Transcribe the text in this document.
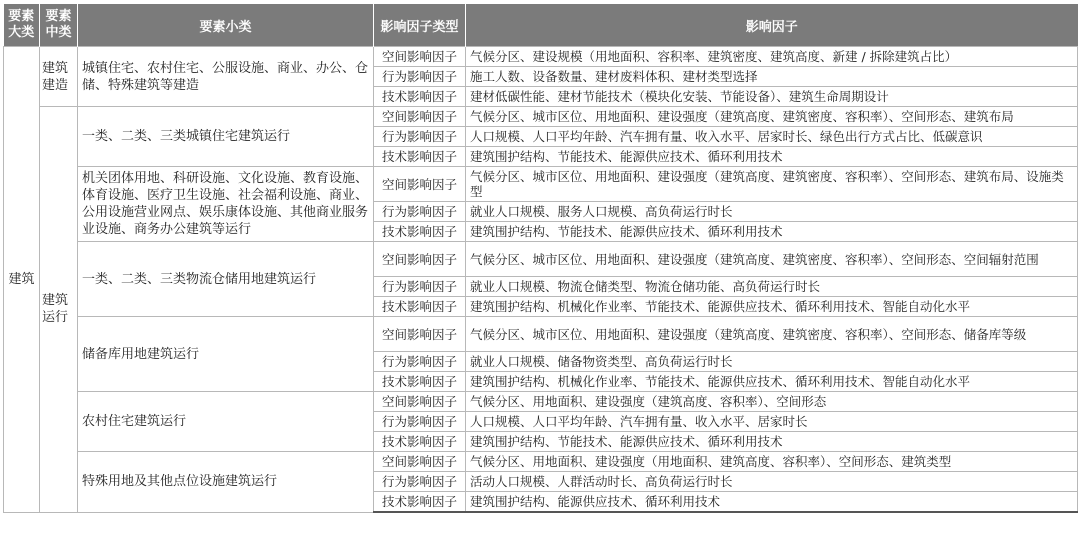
要素大类	要素中类	要素小类	影响因子类型	影响因子
建筑	建筑建造	城镇住宅、农村住宅、公服设施、商业、办公、仓储、特殊建筑等建造	空间影响因子	气候分区、建设规模（用地面积、容积率、建筑密度、建筑高度、新建 / 拆除建筑占比）
			行为影响因子	施工人数、设备数量、建材废料体积、建材类型选择
			技术影响因子	建材低碳性能、建材节能技术（模块化安装、节能设备）、建筑生命周期设计
	建筑运行	一类、二类、三类城镇住宅建筑运行	空间影响因子	气候分区、城市区位、用地面积、建设强度（建筑高度、建筑密度、容积率）、空间形态、建筑布局
			行为影响因子	人口规模、人口平均年龄、汽车拥有量、收入水平、居家时长、绿色出行方式占比、低碳意识
			技术影响因子	建筑围护结构、节能技术、能源供应技术、循环利用技术
		机关团体用地、科研设施、文化设施、教育设施、体育设施、医疗卫生设施、社会福利设施、商业、公用设施营业网点、娱乐康体设施、其他商业服务业设施、商务办公建筑等运行	空间影响因子	气候分区、城市区位、用地面积、建设强度（建筑高度、建筑密度、容积率）、空间形态、建筑布局、设施类型
			行为影响因子	就业人口规模、服务人口规模、高负荷运行时长
			技术影响因子	建筑围护结构、节能技术、能源供应技术、循环利用技术
		一类、二类、三类物流仓储用地建筑运行	空间影响因子	气候分区、城市区位、用地面积、建设强度（建筑高度、建筑密度、容积率）、空间形态、空间辐射范围
			行为影响因子	就业人口规模、物流仓储类型、物流仓储功能、高负荷运行时长
			技术影响因子	建筑围护结构、机械化作业率、节能技术、能源供应技术、循环利用技术、智能自动化水平
		储备库用地建筑运行	空间影响因子	气候分区、城市区位、用地面积、建设强度（建筑高度、建筑密度、容积率）、空间形态、储备库等级
			行为影响因子	就业人口规模、储备物资类型、高负荷运行时长
			技术影响因子	建筑围护结构、机械化作业率、节能技术、能源供应技术、循环利用技术、智能自动化水平
		农村住宅建筑运行	空间影响因子	气候分区、用地面积、建设强度（建筑高度、容积率）、空间形态
			行为影响因子	人口规模、人口平均年龄、汽车拥有量、收入水平、居家时长
			技术影响因子	建筑围护结构、节能技术、能源供应技术、循环利用技术
		特殊用地及其他点位设施建筑运行	空间影响因子	气候分区、用地面积、建设强度（用地面积、建筑高度、容积率）、空间形态、建筑类型
			行为影响因子	活动人口规模、人群活动时长、高负荷运行时长
			技术影响因子	建筑围护结构、能源供应技术、循环利用技术
